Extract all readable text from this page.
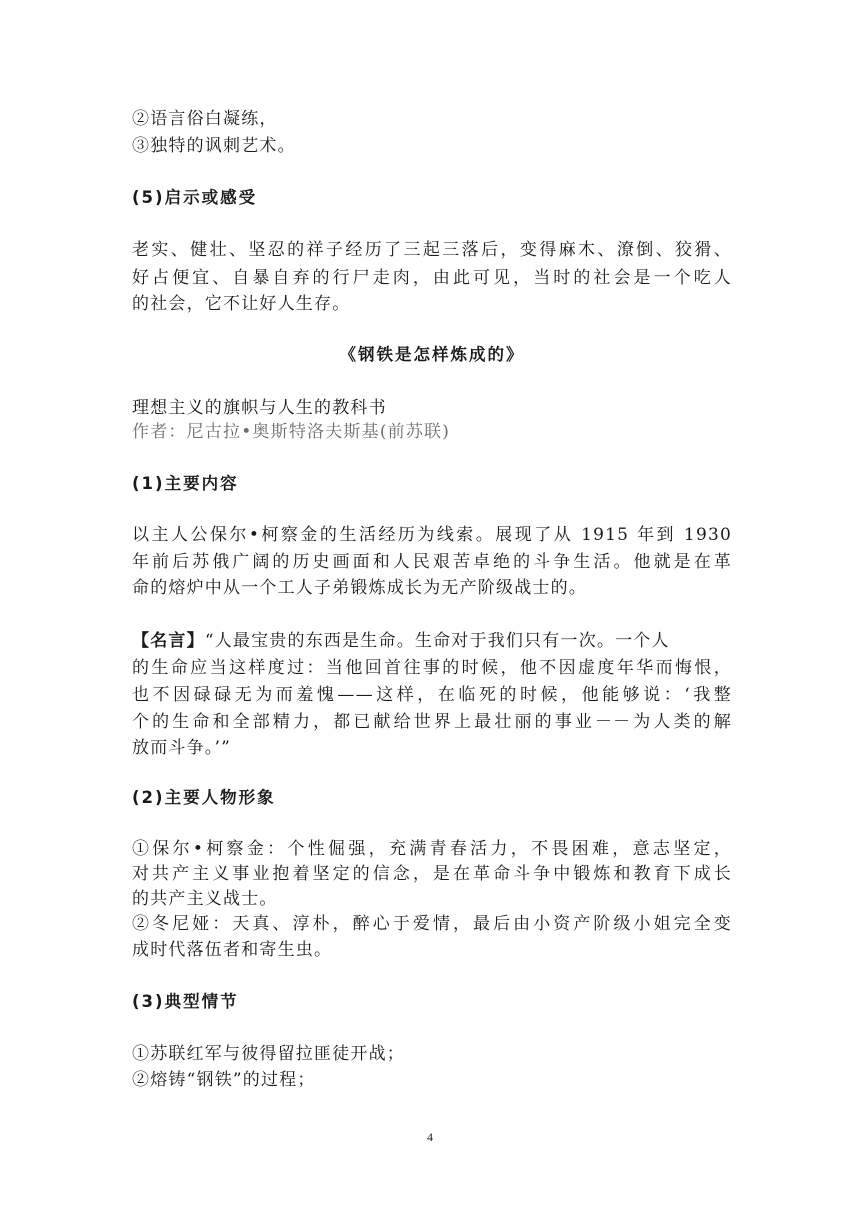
②语言俗白凝练，

③独特的讽刺艺术。

(5)启示或感受

老实、健壮、坚忍的祥子经历了三起三落后，变得麻木、潦倒、狡猾、

好占便宜、自暴自弃的行尸走肉，由此可见，当时的社会是一个吃人

的社会，它不让好人生存。

《钢铁是怎样炼成的》

理想主义的旗帜与人生的教科书

作者：尼古拉•奥斯特洛夫斯基(前苏联)

(1)主要内容

以主人公保尔•柯察金的生活经历为线索。展现了从 1915 年到 1930

年前后苏俄广阔的历史画面和人民艰苦卓绝的斗争生活。他就是在革

命的熔炉中从一个工人子弟锻炼成长为无产阶级战士的。

【名言】“人最宝贵的东西是生命。生命对于我们只有一次。一个人

的生命应当这样度过：当他回首往事的时候，他不因虚度年华而悔恨，

也不因碌碌无为而羞愧——这样，在临死的时候，他能够说：‘我整

个的生命和全部精力，都已献给世界上最壮丽的事业－－为人类的解

放而斗争。’”

(2)主要人物形象

①保尔•柯察金：个性倔强，充满青春活力，不畏困难，意志坚定，

对共产主义事业抱着坚定的信念，是在革命斗争中锻炼和教育下成长

的共产主义战士。

②冬尼娅：天真、淳朴，醉心于爱情，最后由小资产阶级小姐完全变

成时代落伍者和寄生虫。

(3)典型情节

①苏联红军与彼得留拉匪徒开战；

②熔铸“钢铁”的过程；

4
